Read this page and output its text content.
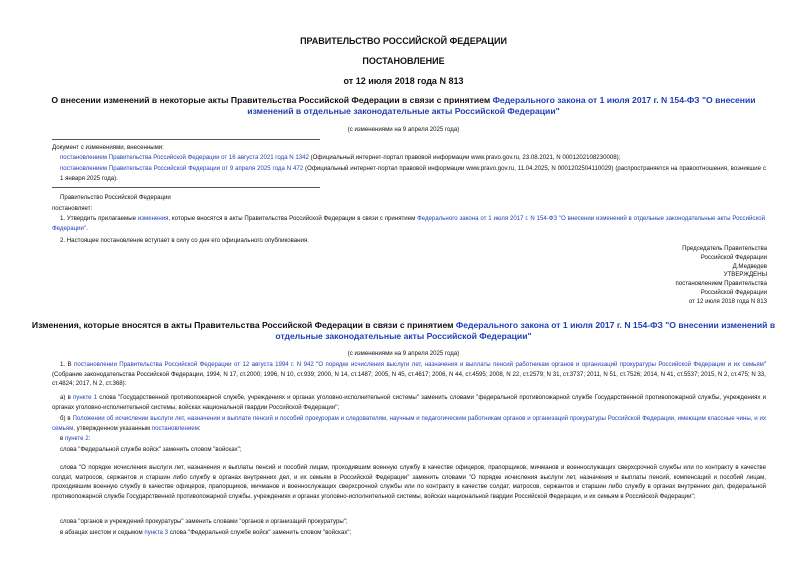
ПРАВИТЕЛЬСТВО РОССИЙСКОЙ ФЕДЕРАЦИИ
ПОСТАНОВЛЕНИЕ
от 12 июля 2018 года N 813
О внесении изменений в некоторые акты Правительства Российской Федерации в связи с принятием Федерального закона от 1 июля 2017 г. N 154-ФЗ "О внесении изменений в отдельные законодательные акты Российской Федерации"
(с изменениями на 9 апреля 2025 года)
Документ с изменениями, внесенными:
постановлением Правительства Российской Федерации от 16 августа 2021 года N 1342 (Официальный интернет-портал правовой информации www.pravo.gov.ru, 23.08.2021, N 0001202108230008);
постановлением Правительства Российской Федерации от 9 апреля 2025 года N 472 (Официальный интернет-портал правовой информации www.pravo.gov.ru, 11.04.2025, N 0001202504110029) (распространяется на правоотношения, возникшие с 1 января 2025 года).
Правительство Российской Федерации
постановляет:
1. Утвердить прилагаемые изменения, которые вносятся в акты Правительства Российской Федерации в связи с принятием Федерального закона от 1 июля 2017 г. N 154-ФЗ "О внесении изменений в отдельные законодательные акты Российской Федерации".
2. Настоящее постановление вступает в силу со дня его официального опубликования.
Председатель Правительства
Российской Федерации
Д.Медведев
УТВЕРЖДЕНЫ
постановлением Правительства
Российской Федерации
от 12 июля 2018 года N 813
Изменения, которые вносятся в акты Правительства Российской Федерации в связи с принятием Федерального закона от 1 июля 2017 г. N 154-ФЗ "О внесении изменений в отдельные законодательные акты Российской Федерации"
(с изменениями на 9 апреля 2025 года)
1. В постановлении Правительства Российской Федерации от 12 августа 1994 г. N 942 "О порядке исчисления выслуги лет, назначения и выплаты пенсий работникам органов и организаций прокуратуры Российской Федерации и их семьям" (Собрание законодательства Российской Федерации, 1994, N 17, ст.2000; 1996, N 10, ст.939; 2000, N 14, ст.1487; 2005, N 45, ст.4617; 2006, N 44, ст.4595; 2008, N 22, ст.2579; N 31, ст.3737; 2011, N 51, ст.7526; 2014, N 41, ст.5537; 2015, N 2, ст.475; N 33, ст.4824; 2017, N 2, ст.368):
а) в пункте 1 слова "Государственной противопожарной службе, учреждениях и органах уголовно-исполнительной системы" заменить словами "федеральной противопожарной службе Государственной противопожарной службы, учреждениях и органах уголовно-исполнительной системы, войсках национальной гвардии Российской Федерации";
б) в Положении об исчислении выслуги лет, назначении и выплате пенсий и пособий прокурорам и следователям, научным и педагогическим работникам органов и организаций прокуратуры Российской Федерации, имеющим классные чины, и их семьям, утвержденном указанным постановлением:
в пункте 2:
слова "Федеральной службе войск" заменить словом "войсках";
слова "О порядке исчисления выслуги лет, назначения и выплаты пенсий и пособий лицам, проходившим военную службу в качестве офицеров, прапорщиков, мичманов и военнослужащих сверхсрочной службы или по контракту в качестве солдат, матросов, сержантов и старшин либо службу в органах внутренних дел, и их семьям в Российской Федерации" заменить словами "О порядке исчисления выслуги лет, назначения и выплаты пенсий, компенсаций и пособий лицам, проходившим военную службу в качестве офицеров, прапорщиков, мичманов и военнослужащих сверхсрочной службы или по контракту в качестве солдат, матросов, сержантов и старшин либо службу в органах внутренних дел, федеральной противопожарной службе Государственной противопожарной службы, учреждениях и органах уголовно-исполнительной системы, войсках национальной гвардии Российской Федерации, и их семьям в Российской Федерации";
слова "органов и учреждений прокуратуры" заменить словами "органов и организаций прокуратуры";
в абзацах шестом и седьмом пункта 3 слова "Федеральной службе войск" заменить словом "войсках";
